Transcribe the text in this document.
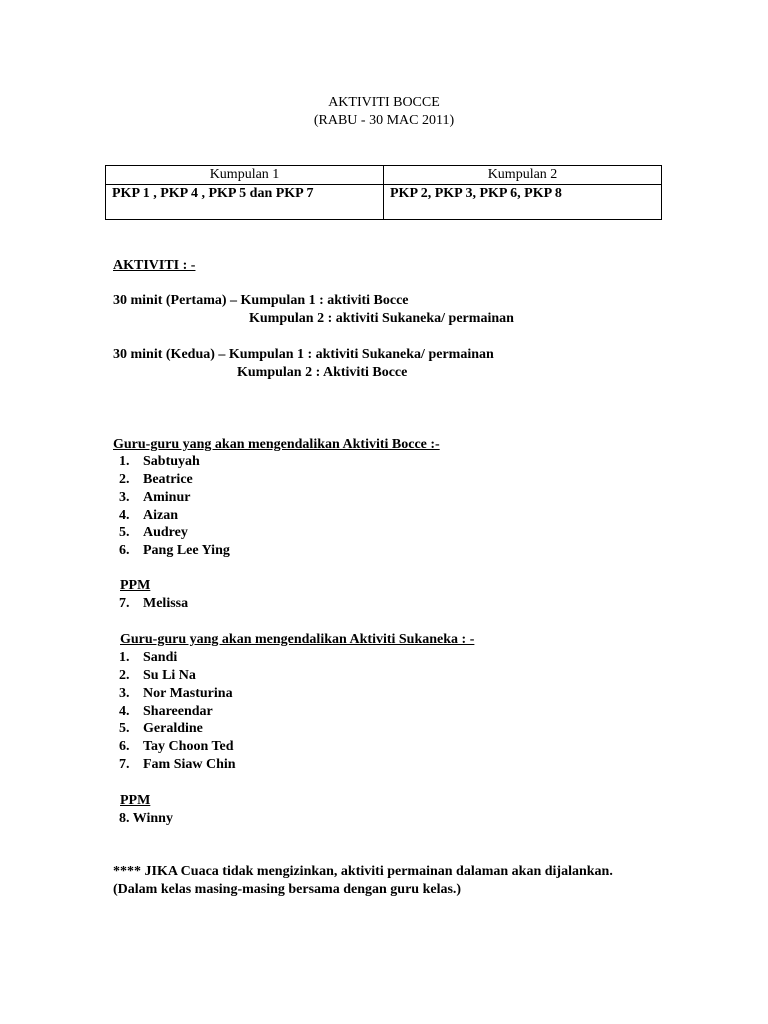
AKTIVITI BOCCE
(RABU - 30 MAC 2011)
Kumpulan 1	Kumpulan 2
PKP 1 , PKP 4 , PKP 5 dan PKP 7	PKP 2, PKP 3, PKP 6, PKP 8
AKTIVITI : -
30 minit (Pertama) – Kumpulan 1 : aktiviti Bocce
Kumpulan 2 : aktiviti Sukaneka/ permainan
30 minit (Kedua) – Kumpulan 1 : aktiviti Sukaneka/ permainan
Kumpulan 2 : Aktiviti Bocce
Guru-guru yang akan mengendalikan Aktiviti Bocce :-
1. Sabtuyah
2. Beatrice
3. Aminur
4. Aizan
5. Audrey
6. Pang Lee Ying
PPM
7. Melissa
Guru-guru yang akan mengendalikan Aktiviti Sukaneka : -
1. Sandi
2. Su Li Na
3. Nor Masturina
4. Shareendar
5. Geraldine
6. Tay Choon Ted
7. Fam Siaw Chin
PPM
8. Winny
**** JIKA Cuaca tidak mengizinkan, aktiviti permainan dalaman akan dijalankan.
(Dalam kelas masing-masing bersama dengan guru kelas.)
